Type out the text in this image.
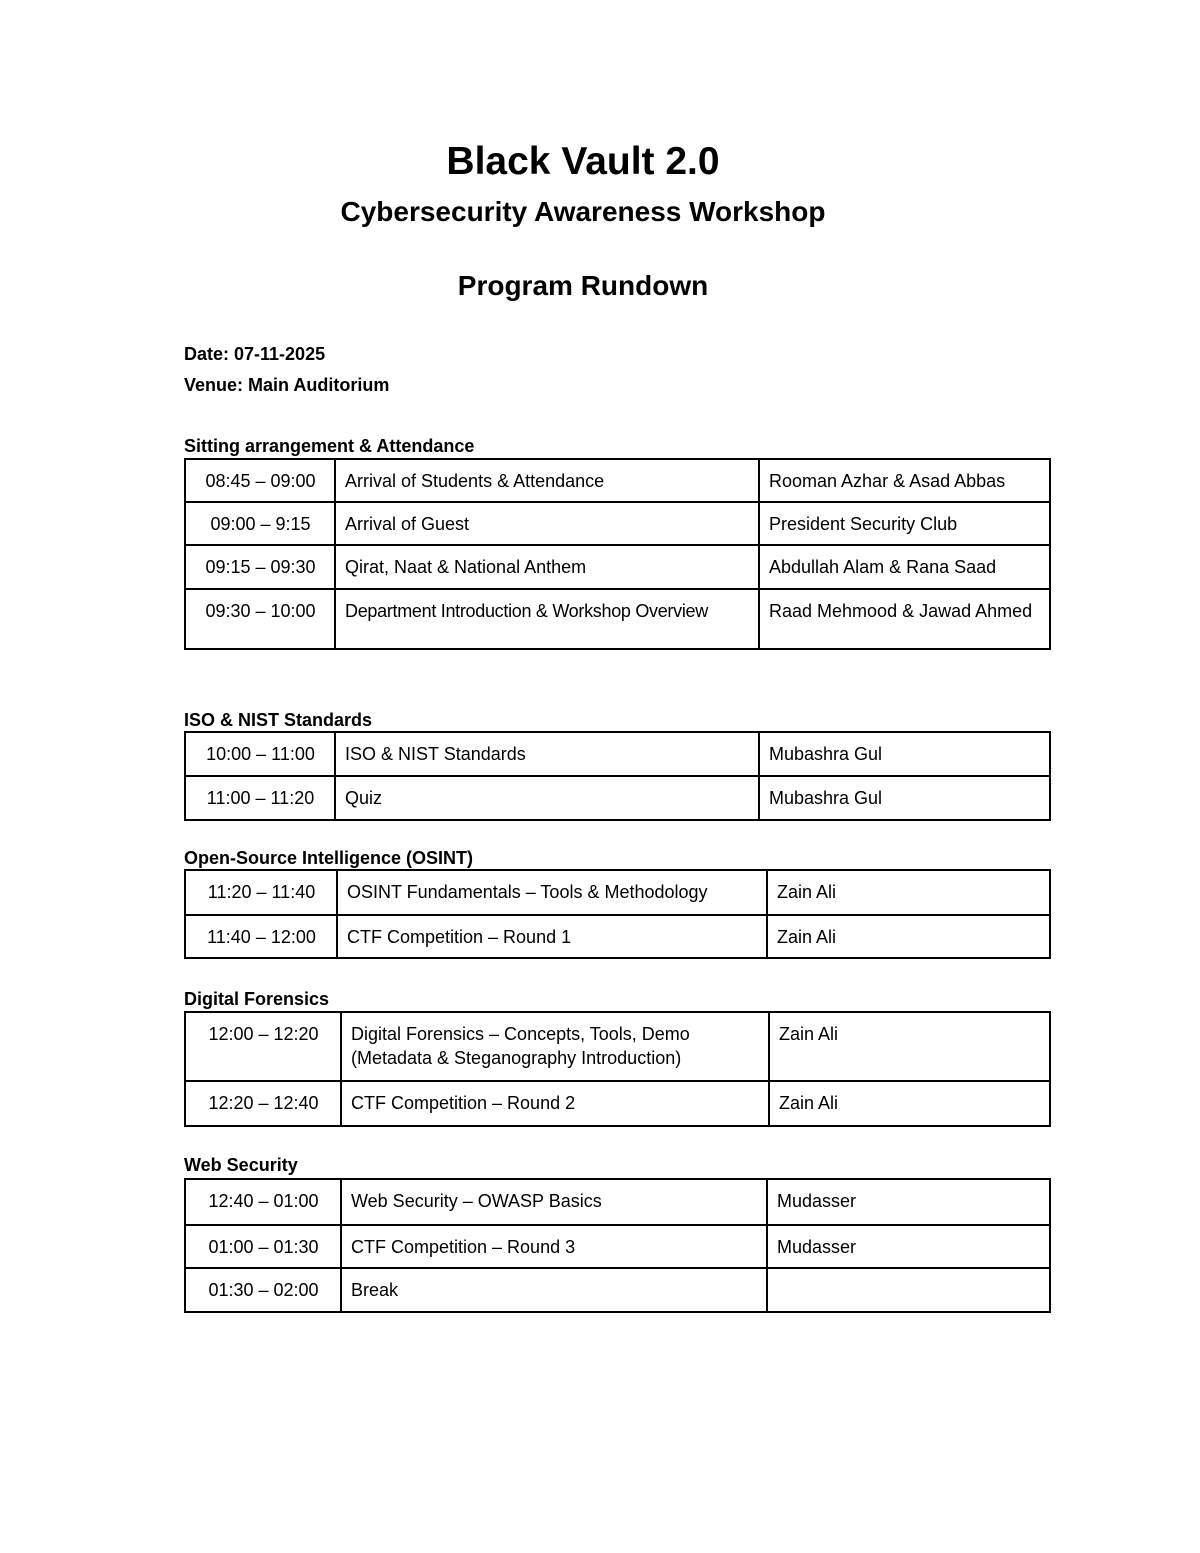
Black Vault 2.0
Cybersecurity Awareness Workshop
Program Rundown
Date: 07-11-2025
Venue: Main Auditorium
Sitting arrangement & Attendance
08:45 – 09:00	Arrival of Students & Attendance	Rooman Azhar & Asad Abbas
09:00 – 9:15	Arrival of Guest	President Security Club
09:15 – 09:30	Qirat, Naat & National Anthem	Abdullah Alam & Rana Saad
09:30 – 10:00	Department Introduction & Workshop Overview	Raad Mehmood & Jawad Ahmed
ISO & NIST Standards
10:00 – 11:00	ISO & NIST Standards	Mubashra Gul
11:00 – 11:20	Quiz	Mubashra Gul
Open-Source Intelligence (OSINT)
11:20 – 11:40	OSINT Fundamentals – Tools & Methodology	Zain Ali
11:40 – 12:00	CTF Competition – Round 1	Zain Ali
Digital Forensics
12:00 – 12:20	Digital Forensics – Concepts, Tools, Demo (Metadata & Steganography Introduction)	Zain Ali
12:20 – 12:40	CTF Competition – Round 2	Zain Ali
Web Security
12:40 – 01:00	Web Security – OWASP Basics	Mudasser
01:00 – 01:30	CTF Competition – Round 3	Mudasser
01:30 – 02:00	Break	
